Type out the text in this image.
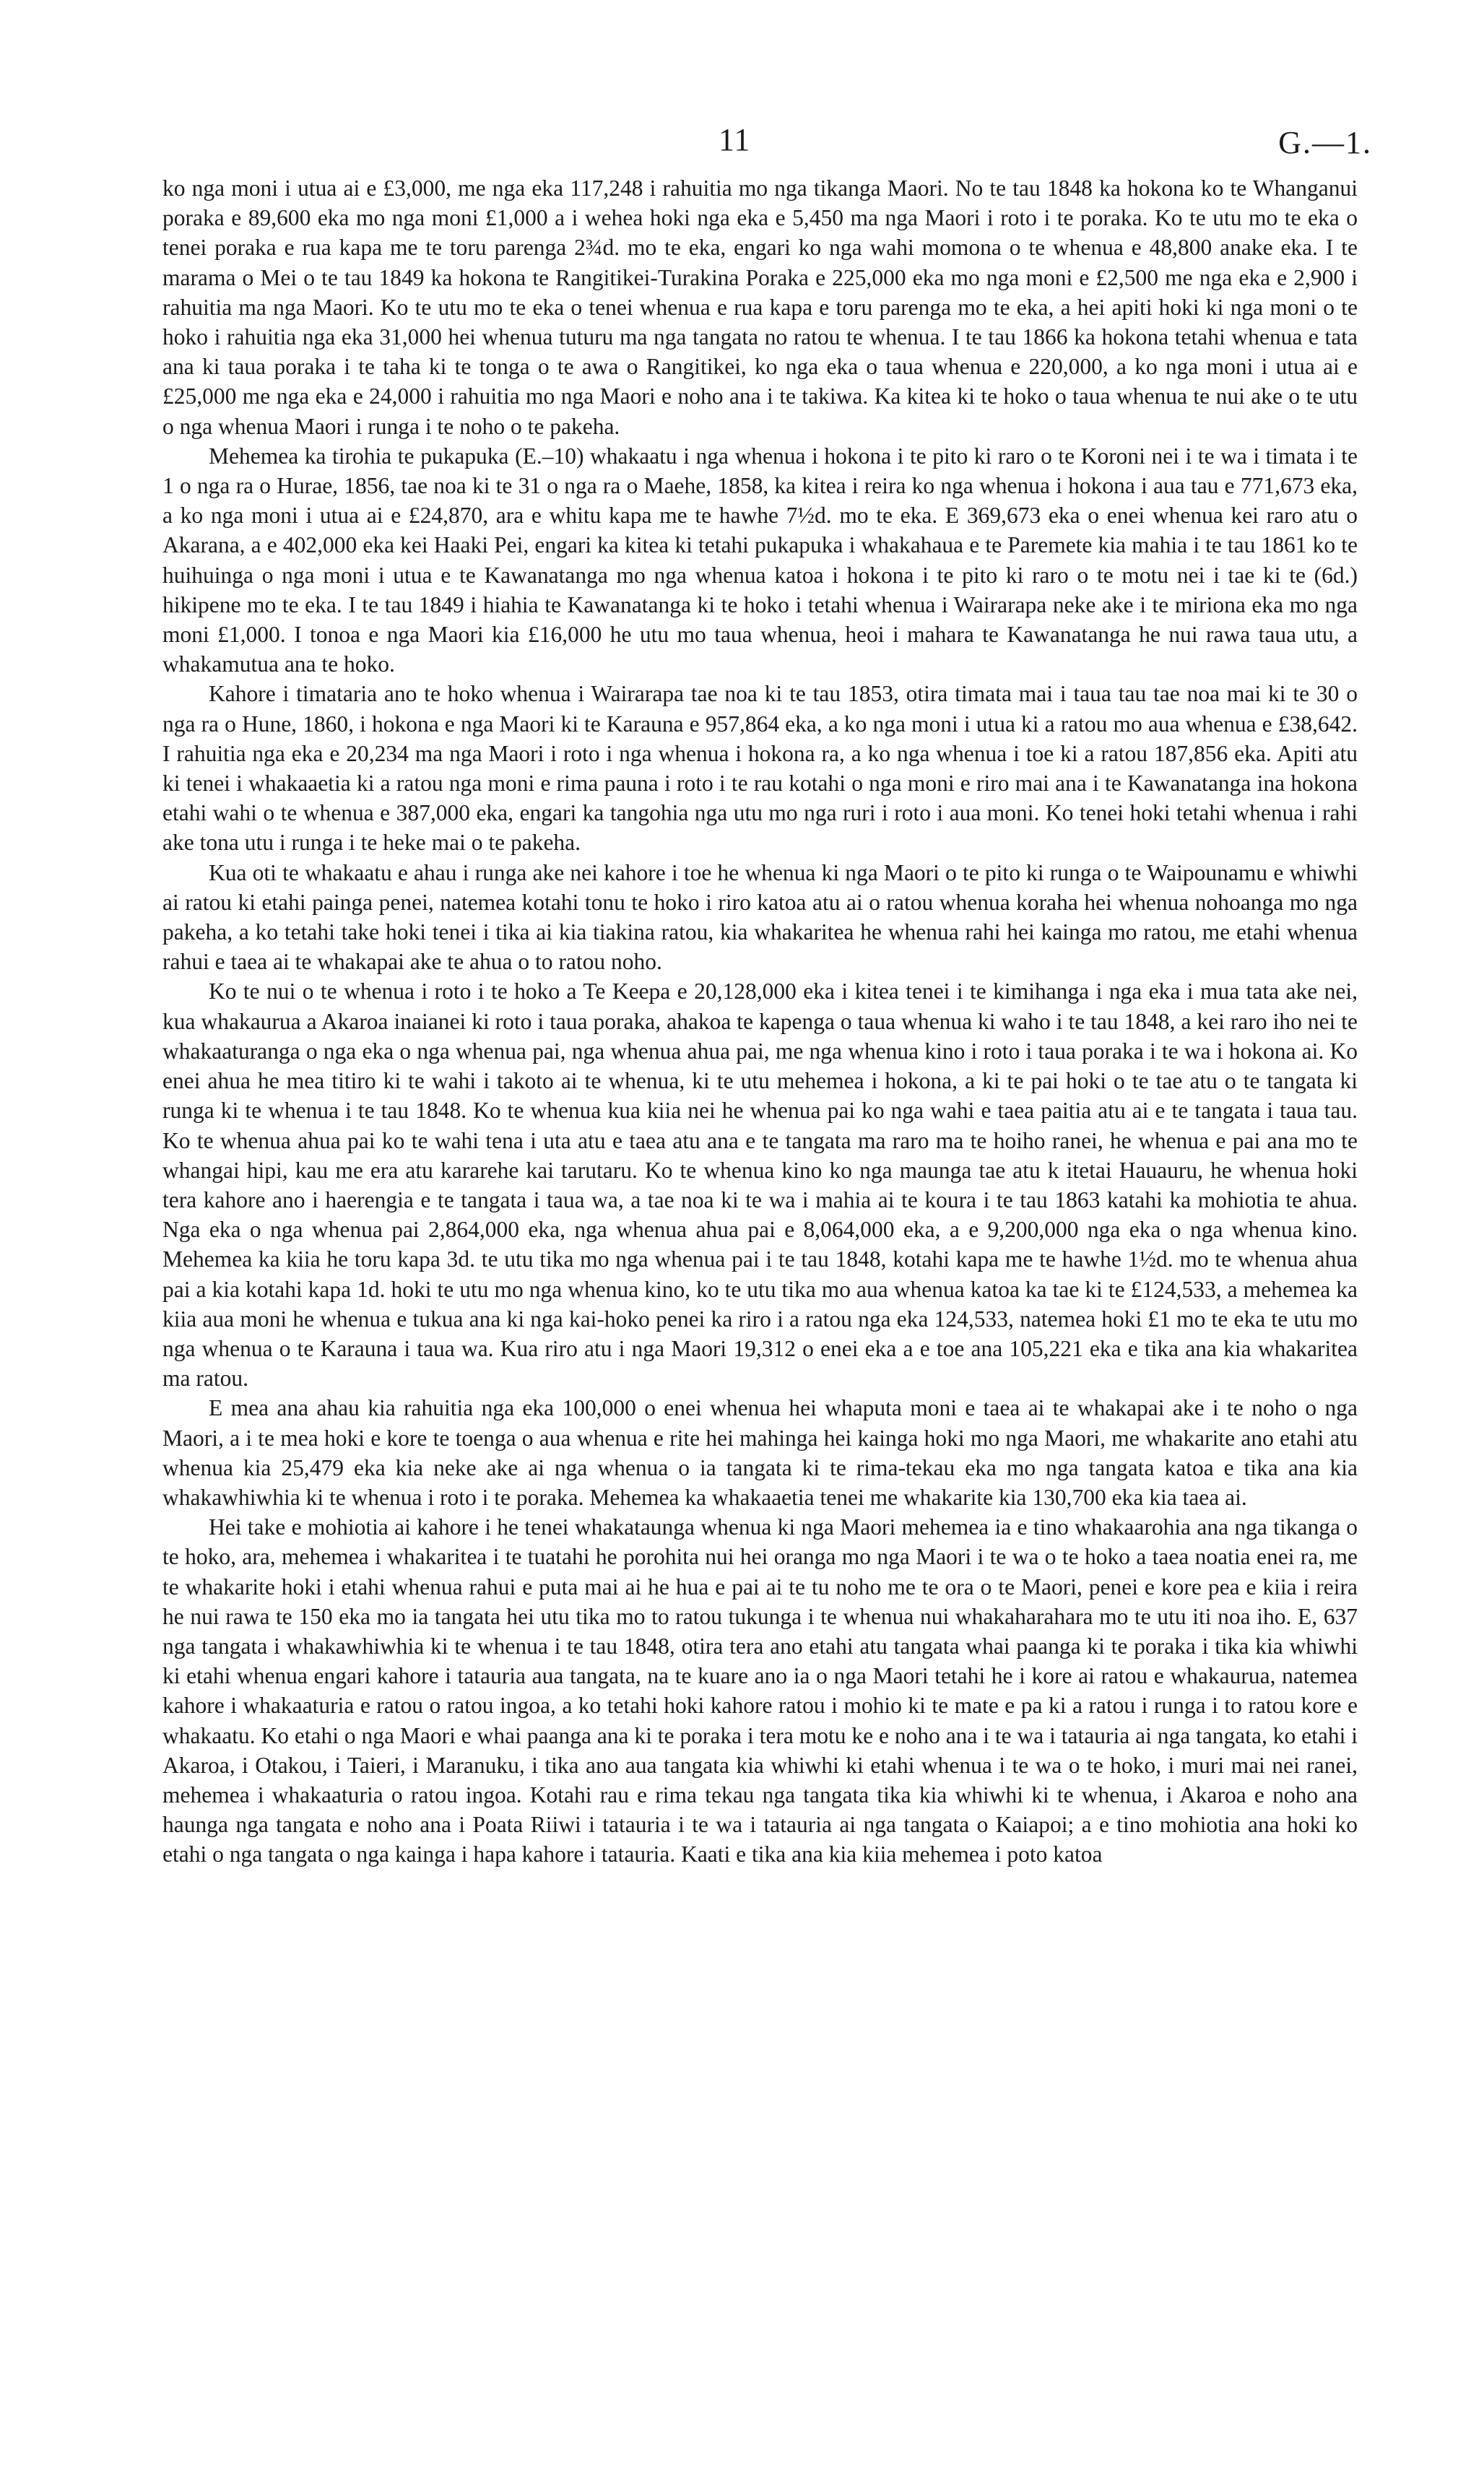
11	G.—1.

ko nga moni i utua ai e £3,000, me nga eka 117,248 i rahuitia mo nga tikanga Maori. No te tau 1848 ka hokona ko te Whanganui poraka e 89,600 eka mo nga moni £1,000 a i wehea hoki nga eka e 5,450 ma nga Maori i roto i te poraka. Ko te utu mo te eka o tenei poraka e rua kapa me te toru parenga 2¾d. mo te eka, engari ko nga wahi momona o te whenua e 48,800 anake eka. I te marama o Mei o te tau 1849 ka hokona te Rangitikei-Turakina Poraka e 225,000 eka mo nga moni e £2,500 me nga eka e 2,900 i rahuitia ma nga Maori. Ko te utu mo te eka o tenei whenua e rua kapa e toru parenga mo te eka, a hei apiti hoki ki nga moni o te hoko i rahuitia nga eka 31,000 hei whenua tuturu ma nga tangata no ratou te whenua. I te tau 1866 ka hokona tetahi whenua e tata ana ki taua poraka i te taha ki te tonga o te awa o Rangitikei, ko nga eka o taua whenua e 220,000, a ko nga moni i utua ai e £25,000 me nga eka e 24,000 i rahuitia mo nga Maori e noho ana i te takiwa. Ka kitea ki te hoko o taua whenua te nui ake o te utu o nga whenua Maori i runga i te noho o te pakeha.

Mehemea ka tirohia te pukapuka (E.–10) whakaatu i nga whenua i hokona i te pito ki raro o te Koroni nei i te wa i timata i te 1 o nga ra o Hurae, 1856, tae noa ki te 31 o nga ra o Maehe, 1858, ka kitea i reira ko nga whenua i hokona i aua tau e 771,673 eka, a ko nga moni i utua ai e £24,870, ara e whitu kapa me te hawhe 7½d. mo te eka. E 369,673 eka o enei whenua kei raro atu o Akarana, a e 402,000 eka kei Haaki Pei, engari ka kitea ki tetahi pukapuka i whakahaua e te Paremete kia mahia i te tau 1861 ko te huihuinga o nga moni i utua e te Kawanatanga mo nga whenua katoa i hokona i te pito ki raro o te motu nei i tae ki te (6d.) hikipene mo te eka. I te tau 1849 i hiahia te Kawanatanga ki te hoko i tetahi whenua i Wairarapa neke ake i te miriona eka mo nga moni £1,000. I tonoa e nga Maori kia £16,000 he utu mo taua whenua, heoi i mahara te Kawanatanga he nui rawa taua utu, a whakamutua ana te hoko.

Kahore i timataria ano te hoko whenua i Wairarapa tae noa ki te tau 1853, otira timata mai i taua tau tae noa mai ki te 30 o nga ra o Hune, 1860, i hokona e nga Maori ki te Karauna e 957,864 eka, a ko nga moni i utua ki a ratou mo aua whenua e £38,642. I rahuitia nga eka e 20,234 ma nga Maori i roto i nga whenua i hokona ra, a ko nga whenua i toe ki a ratou 187,856 eka. Apiti atu ki tenei i whakaaetia ki a ratou nga moni e rima pauna i roto i te rau kotahi o nga moni e riro mai ana i te Kawanatanga ina hokona etahi wahi o te whenua e 387,000 eka, engari ka tangohia nga utu mo nga ruri i roto i aua moni. Ko tenei hoki tetahi whenua i rahi ake tona utu i runga i te heke mai o te pakeha.

Kua oti te whakaatu e ahau i runga ake nei kahore i toe he whenua ki nga Maori o te pito ki runga o te Waipounamu e whiwhi ai ratou ki etahi painga penei, natemea kotahi tonu te hoko i riro katoa atu ai o ratou whenua koraha hei whenua nohoanga mo nga pakeha, a ko tetahi take hoki tenei i tika ai kia tiakina ratou, kia whakaritea he whenua rahi hei kainga mo ratou, me etahi whenua rahui e taea ai te whakapai ake te ahua o to ratou noho.

Ko te nui o te whenua i roto i te hoko a Te Keepa e 20,128,000 eka i kitea tenei i te kimihanga i nga eka i mua tata ake nei, kua whakaurua a Akaroa inaianei ki roto i taua poraka, ahakoa te kapenga o taua whenua ki waho i te tau 1848, a kei raro iho nei te whakaaturanga o nga eka o nga whenua pai, nga whenua ahua pai, me nga whenua kino i roto i taua poraka i te wa i hokona ai. Ko enei ahua he mea titiro ki te wahi i takoto ai te whenua, ki te utu mehemea i hokona, a ki te pai hoki o te tae atu o te tangata ki runga ki te whenua i te tau 1848. Ko te whenua kua kiia nei he whenua pai ko nga wahi e taea paitia atu ai e te tangata i taua tau. Ko te whenua ahua pai ko te wahi tena i uta atu e taea atu ana e te tangata ma raro ma te hoiho ranei, he whenua e pai ana mo te whangai hipi, kau me era atu kararehe kai tarutaru. Ko te whenua kino ko nga maunga tae atu k itetai Hauauru, he whenua hoki tera kahore ano i haerengia e te tangata i taua wa, a tae noa ki te wa i mahia ai te koura i te tau 1863 katahi ka mohiotia te ahua. Nga eka o nga whenua pai 2,864,000 eka, nga whenua ahua pai e 8,064,000 eka, a e 9,200,000 nga eka o nga whenua kino. Mehemea ka kiia he toru kapa 3d. te utu tika mo nga whenua pai i te tau 1848, kotahi kapa me te hawhe 1½d. mo te whenua ahua pai a kia kotahi kapa 1d. hoki te utu mo nga whenua kino, ko te utu tika mo aua whenua katoa ka tae ki te £124,533, a mehemea ka kiia aua moni he whenua e tukua ana ki nga kai-hoko penei ka riro i a ratou nga eka 124,533, natemea hoki £1 mo te eka te utu mo nga whenua o te Karauna i taua wa. Kua riro atu i nga Maori 19,312 o enei eka a e toe ana 105,221 eka e tika ana kia whakaritea ma ratou.

E mea ana ahau kia rahuitia nga eka 100,000 o enei whenua hei whaputa moni e taea ai te whakapai ake i te noho o nga Maori, a i te mea hoki e kore te toenga o aua whenua e rite hei mahinga hei kainga hoki mo nga Maori, me whakarite ano etahi atu whenua kia 25,479 eka kia neke ake ai nga whenua o ia tangata ki te rima-tekau eka mo nga tangata katoa e tika ana kia whakawhiwhia ki te whenua i roto i te poraka. Mehemea ka whakaaetia tenei me whakarite kia 130,700 eka kia taea ai.

Hei take e mohiotia ai kahore i he tenei whakataunga whenua ki nga Maori mehemea ia e tino whakaarohia ana nga tikanga o te hoko, ara, mehemea i whakaritea i te tuatahi he porohita nui hei oranga mo nga Maori i te wa o te hoko a taea noatia enei ra, me te whakarite hoki i etahi whenua rahui e puta mai ai he hua e pai ai te tu noho me te ora o te Maori, penei e kore pea e kiia i reira he nui rawa te 150 eka mo ia tangata hei utu tika mo to ratou tukunga i te whenua nui whakaharahara mo te utu iti noa iho. E, 637 nga tangata i whakawhiwhia ki te whenua i te tau 1848, otira tera ano etahi atu tangata whai paanga ki te poraka i tika kia whiwhi ki etahi whenua engari kahore i tatauria aua tangata, na te kuare ano ia o nga Maori tetahi he i kore ai ratou e whakaurua, natemea kahore i whakaaturia e ratou o ratou ingoa, a ko tetahi hoki kahore ratou i mohio ki te mate e pa ki a ratou i runga i to ratou kore e whakaatu. Ko etahi o nga Maori e whai paanga ana ki te poraka i tera motu ke e noho ana i te wa i tatauria ai nga tangata, ko etahi i Akaroa, i Otakou, i Taieri, i Maranuku, i tika ano aua tangata kia whiwhi ki etahi whenua i te wa o te hoko, i muri mai nei ranei, mehemea i whakaaturia o ratou ingoa. Kotahi rau e rima tekau nga tangata tika kia whiwhi ki te whenua, i Akaroa e noho ana haunga nga tangata e noho ana i Poata Riiwi i tatauria i te wa i tatauria ai nga tangata o Kaiapoi; a e tino mohiotia ana hoki ko etahi o nga tangata o nga kainga i hapa kahore i tatauria. Kaati e tika ana kia kiia mehemea i poto katoa
